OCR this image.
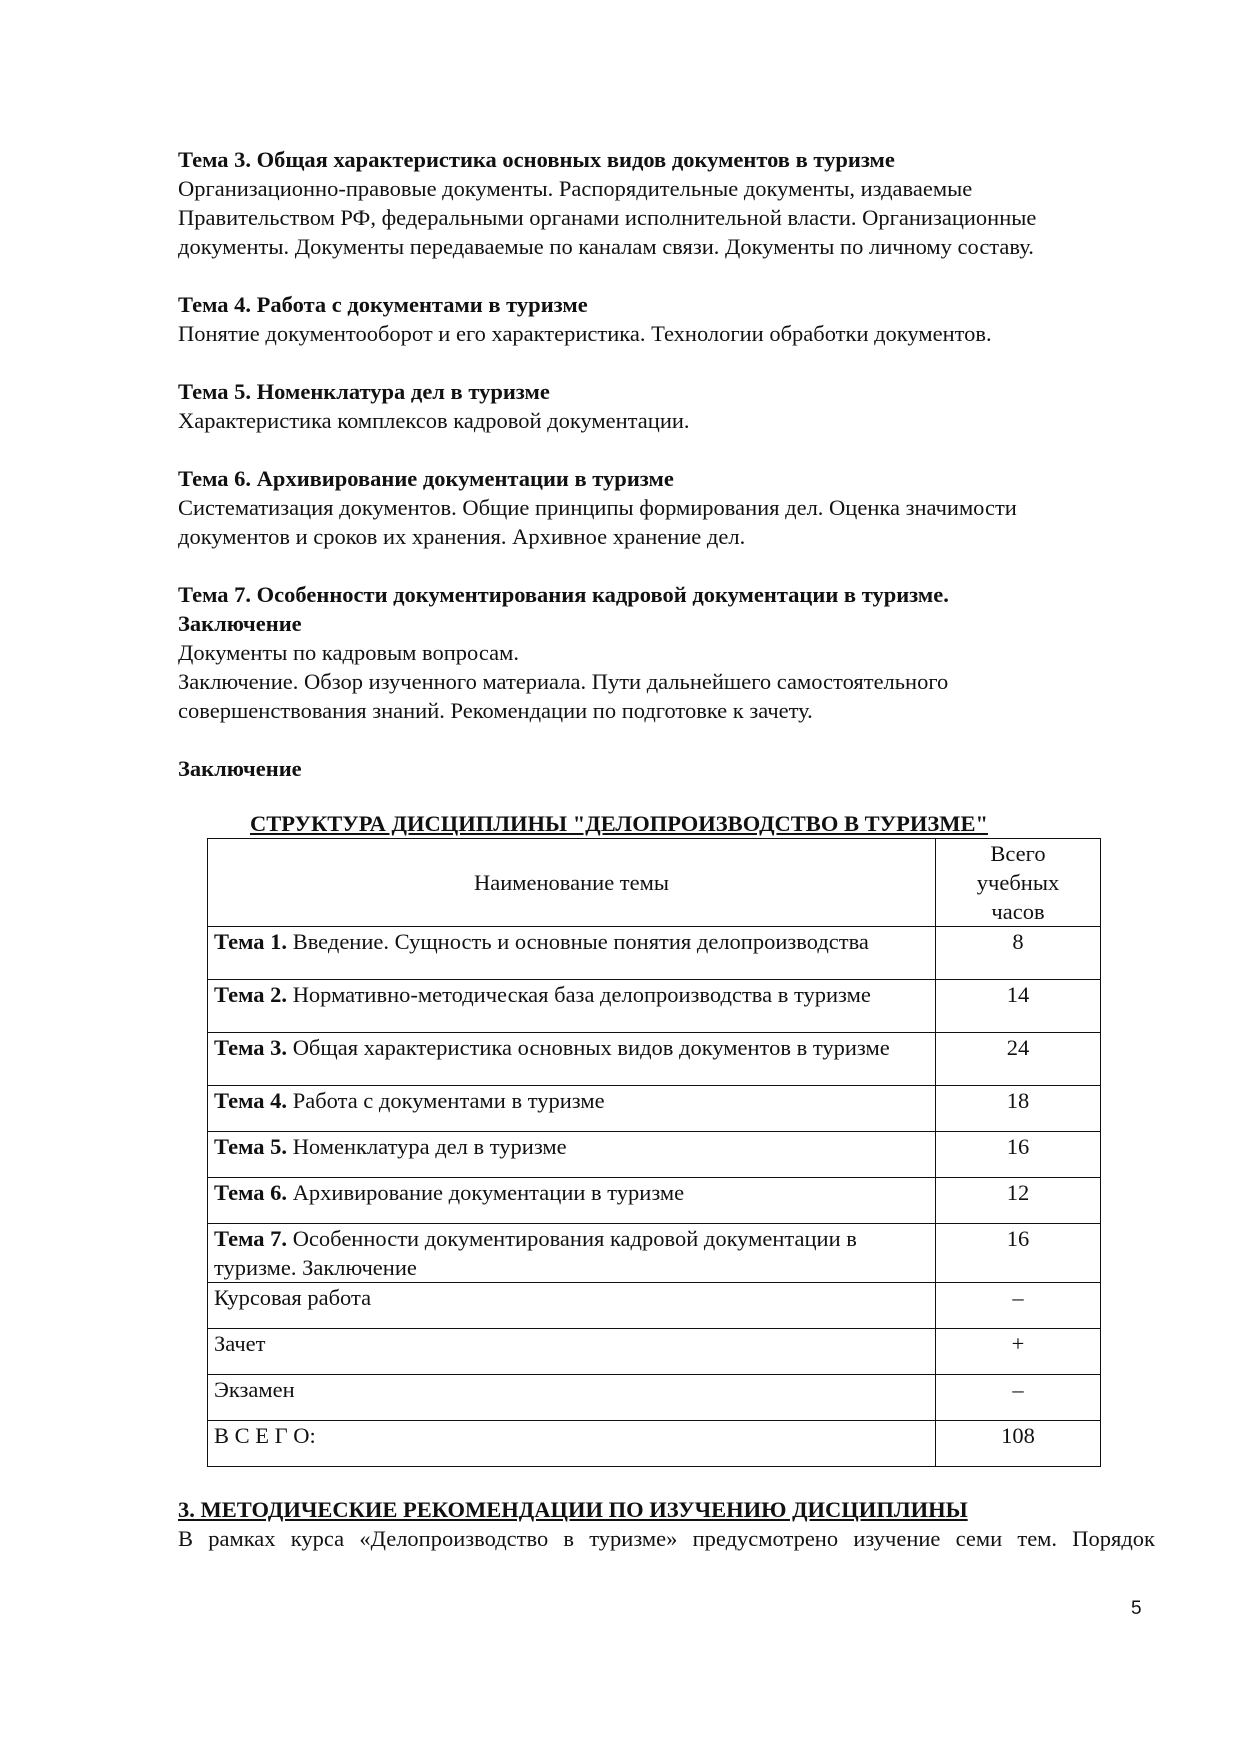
Тема 3. Общая характеристика основных видов документов в туризме

Организационно-правовые документы. Распорядительные документы, издаваемые

Правительством РФ, федеральными органами исполнительной власти. Организационные

документы. Документы передаваемые по каналам связи. Документы по личному составу.

Тема 4. Работа с документами в туризме

Понятие документооборот и его характеристика. Технологии обработки документов.

Тема 5. Номенклатура дел в туризме

Характеристика комплексов кадровой документации.

Тема 6. Архивирование документации в туризме

Систематизация документов. Общие принципы формирования дел. Оценка значимости

документов и сроков их хранения. Архивное хранение дел.

Тема 7. Особенности документирования кадровой документации в туризме.

Заключение

Документы по кадровым вопросам.

Заключение. Обзор изученного материала. Пути дальнейшего самостоятельного

совершенствования знаний. Рекомендации по подготовке к зачету.

Заключение

СТРУКТУРА ДИСЦИПЛИНЫ "ДЕЛОПРОИЗВОДСТВО В ТУРИЗМЕ"

Наименование темы	Всего
учебных
часов

Тема 1. Введение. Сущность и основные понятия делопроизводства	8
Тема 2. Нормативно-методическая база делопроизводства в туризме	14
Тема 3. Общая характеристика основных видов документов в туризме	24
Тема 4. Работа с документами в туризме	18
Тема 5. Номенклатура дел в туризме	16
Тема 6. Архивирование документации в туризме	12
Тема 7. Особенности документирования кадровой документации в туризме. Заключение	16
Курсовая работа	–
Зачет	+
Экзамен	–
В С Е Г О:	108

3. МЕТОДИЧЕСКИЕ РЕКОМЕНДАЦИИ ПО ИЗУЧЕНИЮ ДИСЦИПЛИНЫ

В рамках курса «Делопроизводство в туризме» предусмотрено изучение семи тем. Порядок

5
